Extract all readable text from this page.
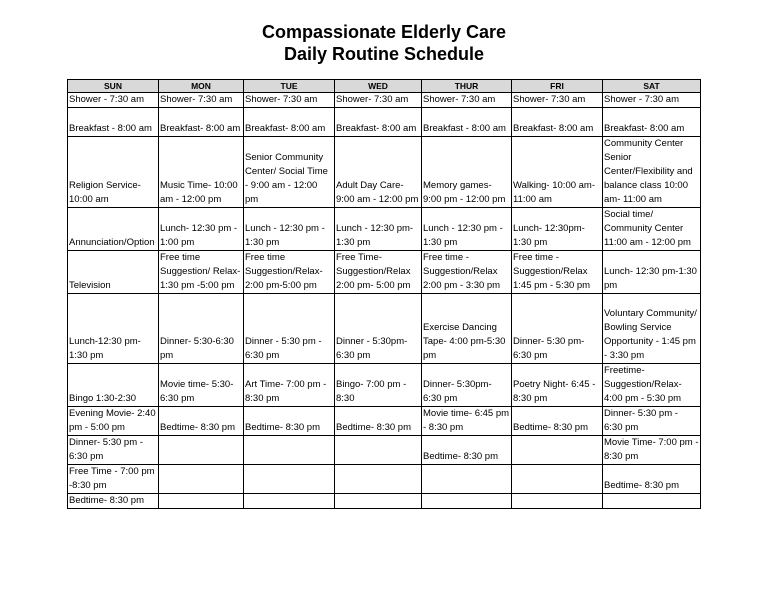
Compassionate Elderly Care
Daily Routine Schedule
SUN	MON	TUE	WED	THUR	FRI	SAT
Shower - 7:30 am	Shower- 7:30 am	Shower- 7:30 am	Shower- 7:30 am	Shower- 7:30 am	Shower- 7:30 am	Shower - 7:30 am
Breakfast - 8:00 am	Breakfast- 8:00 am	Breakfast- 8:00 am	Breakfast- 8:00 am	Breakfast - 8:00 am	Breakfast- 8:00 am	Breakfast- 8:00 am
Religion Service- 10:00 am	Music Time- 10:00 am - 12:00 pm	Senior Community Center/ Social Time - 9:00 am - 12:00 pm	Adult Day Care- 9:00 am - 12:00 pm	Memory games- 9:00 pm - 12:00 pm	Walking- 10:00 am- 11:00 am	Community Center Senior Center/Flexibility and balance class 10:00 am- 11:00 am
Annunciation/Option	Lunch- 12:30 pm - 1:00 pm	Lunch - 12:30 pm - 1:30 pm	Lunch - 12:30 pm- 1:30 pm	Lunch - 12:30 pm - 1:30 pm	Lunch- 12:30pm- 1:30 pm	Social time/ Community Center 11:00 am - 12:00 pm
Television	Free time Suggestion/ Relax- 1:30 pm -5:00 pm	Free time Suggestion/Relax- 2:00 pm-5:00 pm	Free Time- Suggestion/Relax 2:00 pm- 5:00 pm	Free time - Suggestion/Relax 2:00 pm - 3:30 pm	Free time - Suggestion/Relax 1:45 pm - 5:30 pm	Lunch- 12:30 pm-1:30 pm
Lunch-12:30 pm- 1:30 pm	Dinner- 5:30-6:30 pm	Dinner - 5:30 pm - 6:30 pm	Dinner - 5:30pm- 6:30 pm	Exercise Dancing Tape- 4:00 pm-5:30 pm	Dinner- 5:30 pm- 6:30 pm	Voluntary Community/ Bowling Service Opportunity - 1:45 pm - 3:30 pm
Bingo 1:30-2:30	Movie time- 5:30- 6:30 pm	Art Time- 7:00 pm - 8:30 pm	Bingo- 7:00 pm - 8:30	Dinner- 5:30pm- 6:30 pm	Poetry Night- 6:45 - 8:30 pm	Freetime- Suggestion/Relax- 4:00 pm - 5:30 pm
Evening Movie- 2:40 pm - 5:00 pm	Bedtime- 8:30 pm	Bedtime- 8:30 pm	Bedtime- 8:30 pm	Movie time- 6:45 pm - 8:30 pm	Bedtime- 8:30 pm	Dinner- 5:30 pm - 6:30 pm
Dinner- 5:30 pm - 6:30 pm				Bedtime- 8:30 pm		Movie Time- 7:00 pm - 8:30 pm
Free Time - 7:00 pm -8:30 pm						Bedtime- 8:30 pm
Bedtime- 8:30 pm						
